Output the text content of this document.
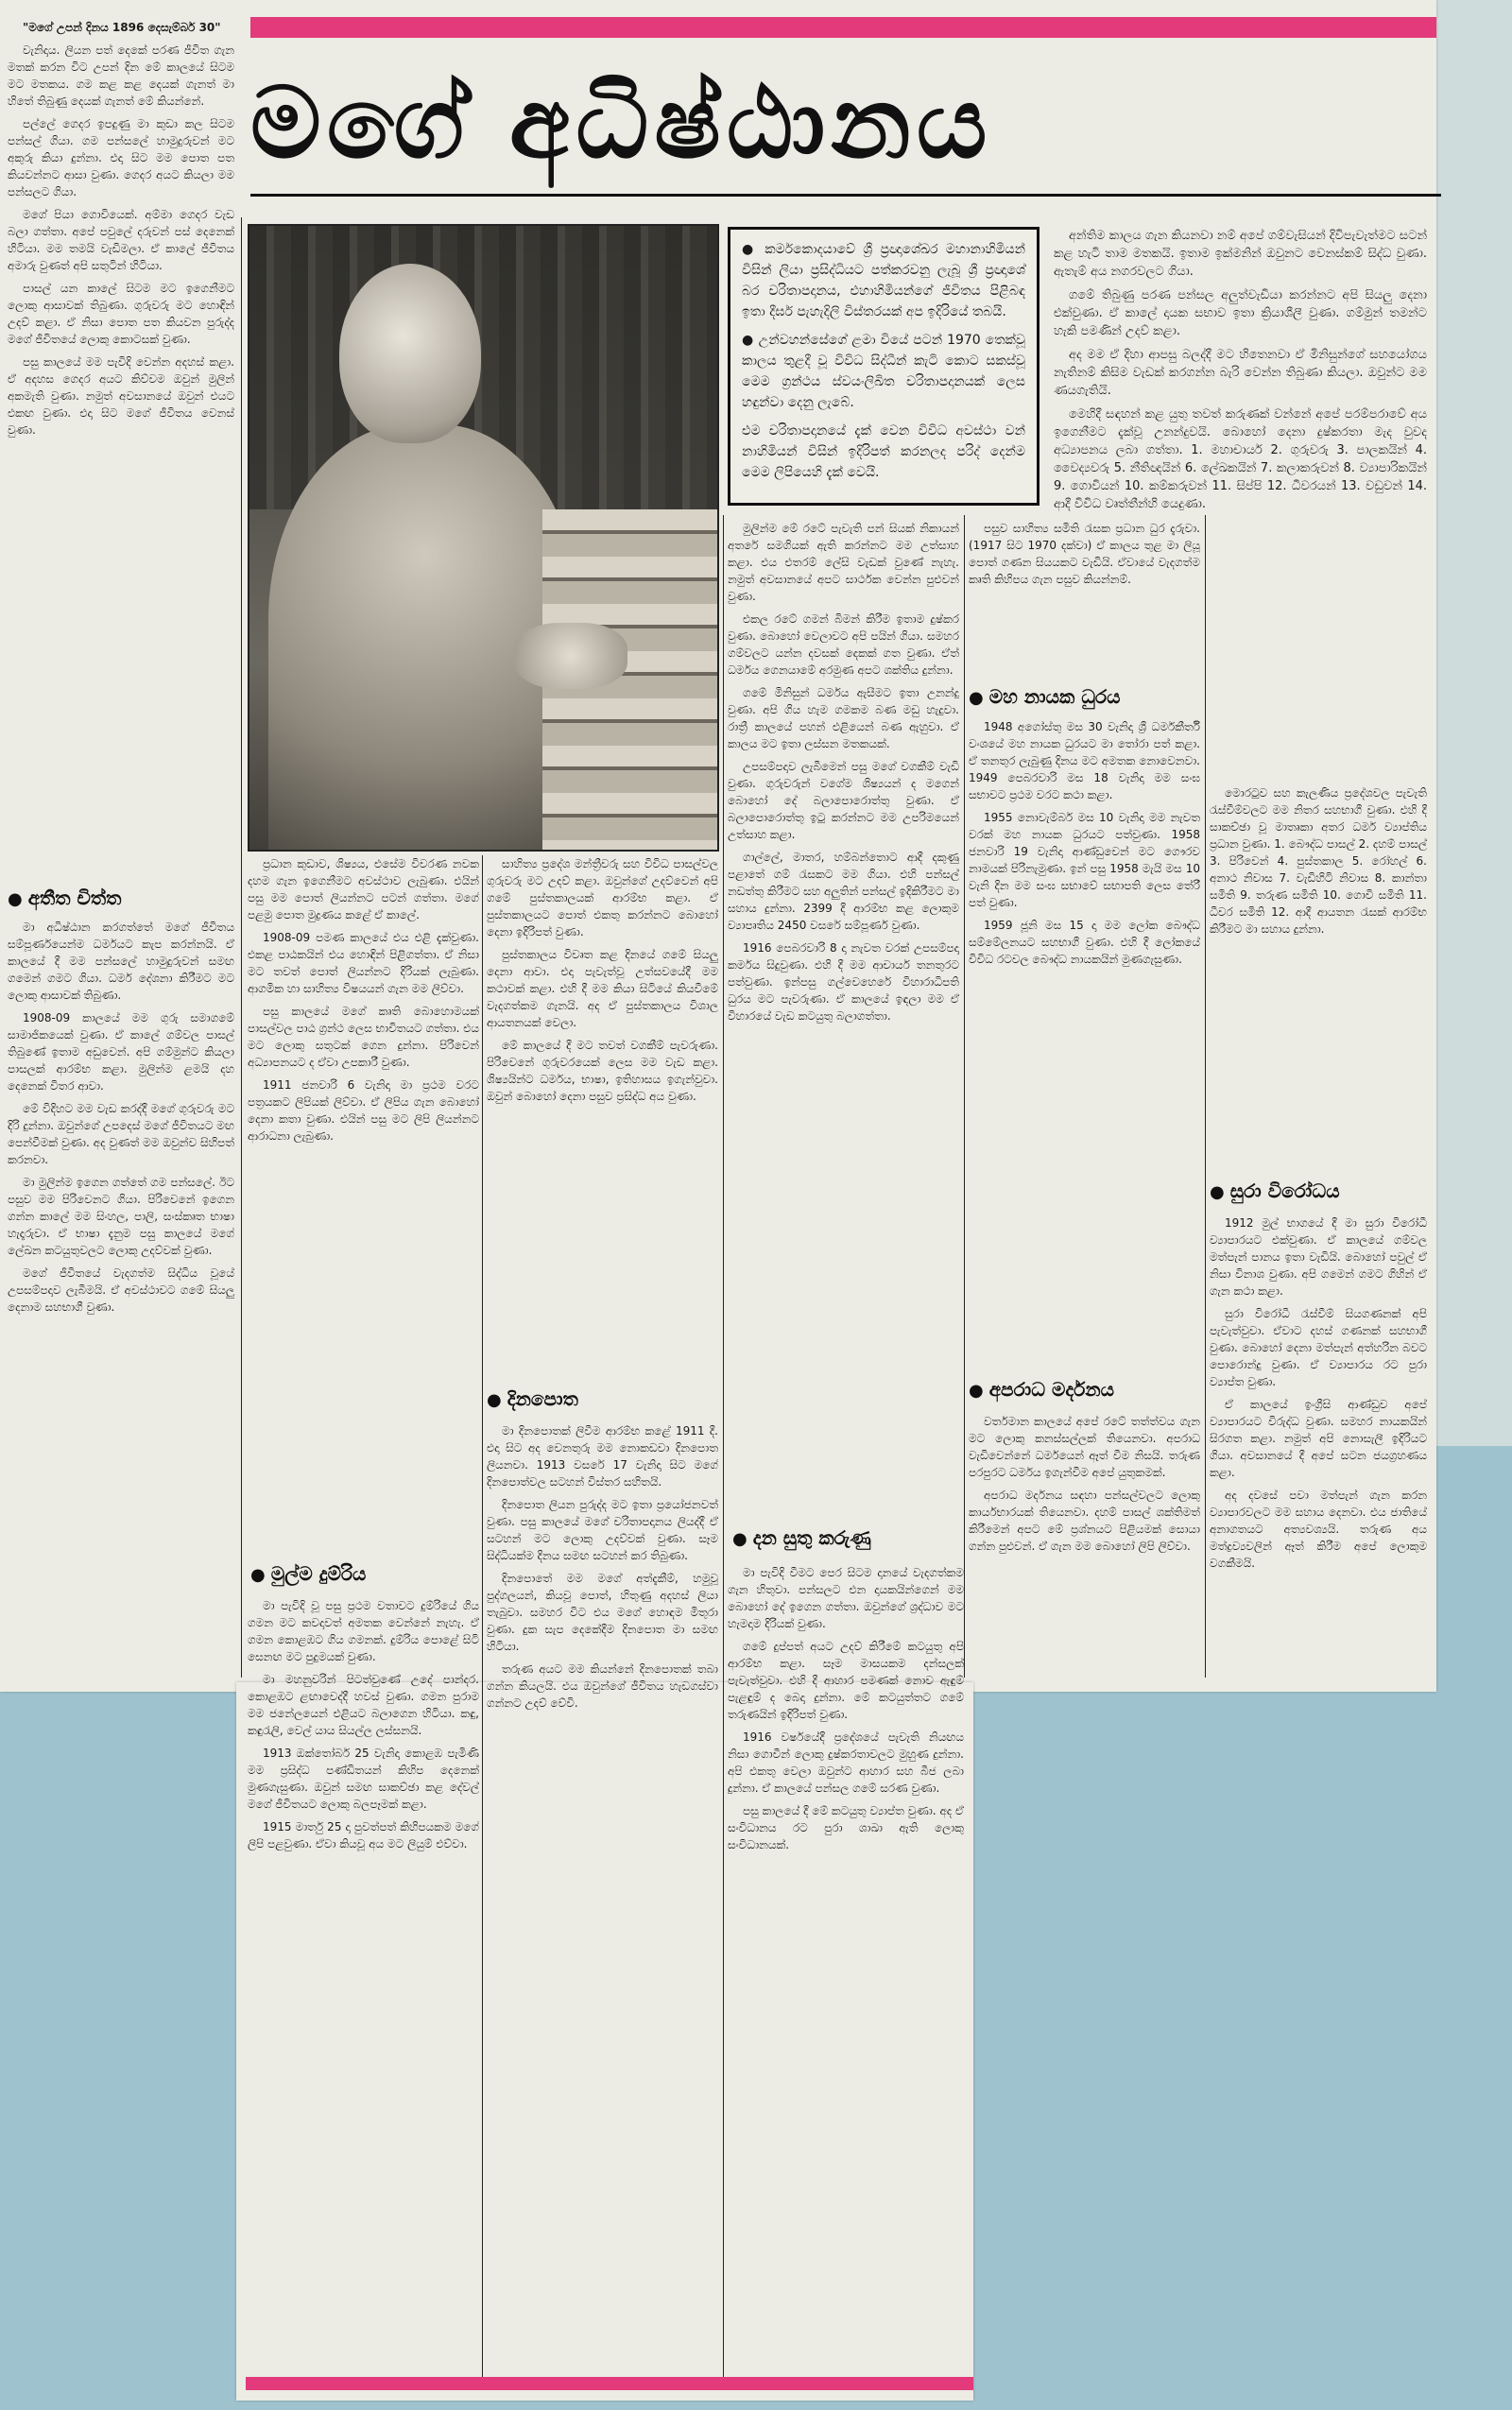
මගේ අධිෂ්ඨානය

"මගේ උපන් දිනය 1896 දෙසැම්බර් 30"

වැනිදාය. ලියන පත් දෙකේ පරණ ජීවිත ගැන මතක් කරන විට උපන් දින මේ කාලයේ සිටම මට මතකය. ගම කළ කළ දෙයක් ගැනත් මා හිතේ තිබුණු දෙයක් ගැනත් මේ කියන්නේ.

පල්ලේ ගෙදර ඉපදුණු මා කුඩා කල සිටම පන්සල් ගියා. ගම පන්සලේ හාමුදුරුවන් මට අකුරු කියා දුන්නා. එදා සිට මම පොත පත කියවන්නට ආසා වුණා. ගෙදර අයට කියලා මම පන්සලට ගියා.

මගේ පියා ගොවියෙක්. අම්මා ගෙදර වැඩ බලා ගත්තා. අපේ පවුලේ දරුවන් පස් දෙනෙක් හිටියා. මම තමයි වැඩිමලා. ඒ කාලේ ජීවිතය අමාරු වුණත් අපි සතුටින් හිටියා.

පාසල් යන කාලේ සිටම මට ඉගෙනීමට ලොකු ආසාවක් තිබුණා. ගුරුවරු මට හොඳින් උදව් කළා. ඒ නිසා පොත පත කියවන පුරුද්ද මගේ ජීවිතයේ ලොකු කොටසක් වුණා.

පසු කාලයේ මම පැවිදි වෙන්න අදහස් කළා. ඒ අදහස ගෙදර අයට කිව්වම ඔවුන් මුලින් අකමැති වුණා. නමුත් අවසානයේ ඔවුන් එයට එකඟ වුණා. එදා සිට මගේ ජීවිතය වෙනස් වුණා.

● කර්මකොදයාවේ ශ්‍රී ප්‍රඥාශේඛර මහානාහිමියන් විසින් ලියා ප්‍රසිද්ධියට පත්කරවනු ලැබූ ශ්‍රී ප්‍රඥාශේ බර චරිතාපදානය, එහාහිමියන්ගේ ජීවිතය පිළිබඳ ඉතා දීර්ඝ පැහැදිලි විස්තරයක් අප ඉදිරියේ තබයි.

● උන්වහන්සේගේ ළමා වියේ පටන් 1970 තෙක්වූ කාලය තුළදී වූ විවිධ සිද්ධීන් කැටි කොට සකස්වූ මෙම ග්‍රන්ථය ස්වයංලිඛිත චරිතාපදානයක් ලෙස හඳුන්වා දෙනු ලැබේ.

එම චරිතාපදානයේ දැක් වෙන විවිධ අවස්ථා වන් නාහිමියන් විසින් ඉදිරිපත් කරනලද පරිද් දෙන්ම මෙම ලිපියෙහි දැක් වෙයි.

අන්තිම කාලය ගැන කියනවා නම් අපේ ගම්වැසියන් දිවිපැවැත්මට සටන් කළ හැටි තාම මතකයි. ඉතාම ඉක්මනින් ඔවුනට වෙනස්කම් සිද්ධ වුණා. ඇතැම් අය නගරවලට ගියා.

ගමේ තිබුණු පරණ පන්සල අලුත්වැඩියා කරන්නට අපි සියලු දෙනා එක්වුණා. ඒ කාලේ දායක සභාව ඉතා ක්‍රියාශීලී වුණා. ගම්මුන් තමන්ට හැකි පමණින් උදව් කළා.

අද මම ඒ දිහා ආපසු බලද්දී මට හිතෙනවා ඒ මිනිසුන්ගේ සහයෝගය නැතිනම් කිසිම වැඩක් කරගන්න බැරි වෙන්න තිබුණා කියලා. ඔවුන්ට මම ණයගැතියි.

මෙහිදී සඳහන් කළ යුතු තවත් කරුණක් වන්නේ අපේ පරම්පරාවේ අය ඉගෙනීමට දැක්වූ උනන්දුවයි. බොහෝ දෙනා දුෂ්කරතා මැද වුවද අධ්‍යාපනය ලබා ගත්තා. 1. මහාචාර්ය 2. ගුරුවරු 3. පාලකයින් 4. වෛද්‍යවරු 5. නීතිඥයින් 6. ලේඛකයින් 7. කලාකරුවන් 8. ව්‍යාපාරිකයින් 9. ගොවියන් 10. කම්කරුවන් 11. සිප්පි 12. ධීවරයන් 13. වඩුවන් 14. ආදී විවිධ වෘත්තීන්හි යෙදුණා.

● අතීත චිත්ත

මා අධිෂ්ඨාන කරගත්තේ මගේ ජීවිතය සම්පූර්ණයෙන්ම ධර්මයට කැප කරන්නයි. ඒ කාලයේ දී මම පන්සලේ හාමුදුරුවන් සමඟ ගමෙන් ගමට ගියා. ධර්ම දේශනා කිරීමට මට ලොකු ආසාවක් තිබුණා.

1908-09 කාලයේ මම ගුරු සමාගමේ සාමාජිකයෙක් වුණා. ඒ කාලේ ගම්වල පාසල් තිබුණේ ඉතාම අඩුවෙන්. අපි ගම්මුන්ට කියලා පාසලක් ආරම්භ කළා. මුලින්ම ළමයි දහ දෙනෙක් විතර ආවා.

මේ විදිහට මම වැඩ කරද්දී මගේ ගුරුවරු මට දිරි දුන්නා. ඔවුන්ගේ උපදෙස් මගේ ජීවිතයට මඟ පෙන්වීමක් වුණා. අද වුණත් මම ඔවුන්ව සිහිපත් කරනවා.

මා මුලින්ම ඉගෙන ගත්තේ ගම පන්සලේ. ඊට පසුව මම පිරිවෙනට ගියා. පිරිවෙනේ ඉගෙන ගන්න කාලේ මම සිංහල, පාලි, සංස්කෘත භාෂා හැදෑරුවා. ඒ භාෂා දැනුම පසු කාලයේ මගේ ලේඛන කටයුතුවලට ලොකු උදව්වක් වුණා.

මගේ ජීවිතයේ වැදගත්ම සිද්ධිය වූයේ උපසම්පදාව ලැබීමයි. ඒ අවස්ථාවට ගමේ සියලු දෙනාම සහභාගී වුණා.

ප්‍රධාන කුඩාව, ශිෂ්‍යය, එසේම විවරණ නවක දහම ගැන ඉගෙනීමට අවස්ථාව ලැබුණා. එයින් පසු මම පොත් ලියන්නට පටන් ගත්තා. මගේ පළමු පොත මුද්‍රණය කළේ ඒ කාලේ.

1908-09 පමණ කාලයේ එය එළි දැක්වුණා. එකළ පාඨකයින් එය හොඳින් පිළිගත්තා. ඒ නිසා මට තවත් පොත් ලියන්නට දිරියක් ලැබුණා. ආගමික හා සාහිත්‍ය විෂයයන් ගැන මම ලිව්වා.

පසු කාලයේ මගේ කෘති බොහොමයක් පාසල්වල පාඨ ග්‍රන්ථ ලෙස භාවිතයට ගත්තා. එය මට ලොකු සතුටක් ගෙන දුන්නා. පිරිවෙන් අධ්‍යාපනයට ද ඒවා උපකාරී වුණා.

1911 ජනවාරි 6 වැනිදා මා ප්‍රථම වරට පත්‍රයකට ලිපියක් ලිව්වා. ඒ ලිපිය ගැන බොහෝ දෙනා කතා වුණා. එයින් පසු මට ලිපි ලියන්නට ආරාධනා ලැබුණා.

● මුල්ම දුම්රිය

මා පැවිදි වූ පසු ප්‍රථම වතාවට දුම්රියේ ගිය ගමන මට කවදාවත් අමතක වෙන්නේ නැහැ. ඒ ගමන කොළඹට ගිය ගමනක්. දුම්රිය පොළේ සිටි සෙනඟ මට පුදුමයක් වුණා.

මා මහනුවරින් පිටත්වුණේ උදේ පාන්දර. කොළඹට ළඟාවෙද්දී හවස් වුණා. ගමන පුරාම මම ජනේලයෙන් එළියට බලාගෙන හිටියා. කඳු, කඳුරැලි, වෙල් යාය සියල්ල ලස්සනයි.

1913 ඔක්තෝබර් 25 වැනිදා කොළඹ පැමිණි මම ප්‍රසිද්ධ පණ්ඩිතයන් කිහිප දෙනෙක් මුණගැසුණා. ඔවුන් සමඟ සාකච්ඡා කළ දේවල් මගේ ජීවිතයට ලොකු බලපෑමක් කළා.

1915 මාර්තු 25 දා පුවත්පත් කිහිපයකම මගේ ලිපි පළවුණා. ඒවා කියවූ අය මට ලියුම් එව්වා.

සාහිත්‍ය ප්‍රදේශ මන්ත්‍රීවරු සහ විවිධ පාසල්වල ගුරුවරු මට උදව් කළා. ඔවුන්ගේ උදව්වෙන් අපි ගමේ පුස්තකාලයක් ආරම්භ කළා. ඒ පුස්තකාලයට පොත් එකතු කරන්නට බොහෝ දෙනා ඉදිරිපත් වුණා.

පුස්තකාලය විවෘත කළ දිනයේ ගමේ සියලු දෙනා ආවා. එදා පැවැත්වූ උත්සවයේදී මම කථාවක් කළා. එහි දී මම කියා සිටියේ කියවීමේ වැදගත්කම ගැනයි. අද ඒ පුස්තකාලය විශාල ආයතනයක් වෙලා.

මේ කාලයේ දී මට තවත් වගකීම් පැවරුණා. පිරිවෙනේ ගුරුවරයෙක් ලෙස මම වැඩ කළා. ශිෂ්‍යයින්ට ධර්මය, භාෂා, ඉතිහාසය ඉගැන්වුවා. ඔවුන් බොහෝ දෙනා පසුව ප්‍රසිද්ධ අය වුණා.

● දිනපොත

මා දිනපොතක් ලිවීම ආරම්භ කළේ 1911 දී. එදා සිට අද වෙනතුරු මම නොකඩවා දිනපොත ලියනවා. 1913 වසරේ 17 වැනිදා සිට මගේ දිනපොත්වල සටහන් විස්තර සහිතයි.

දිනපොත ලියන පුරුද්ද මට ඉතා ප්‍රයෝජනවත් වුණා. පසු කාලයේ මගේ චරිතාපදානය ලියද්දී ඒ සටහන් මට ලොකු උදව්වක් වුණා. සෑම සිද්ධියක්ම දිනය සමඟ සටහන් කර තිබුණා.

දිනපොතේ මම මගේ අත්දැකීම්, හමුවූ පුද්ගලයන්, කියවූ පොත්, හිතුණු අදහස් ලියා තැබුවා. සමහර විට එය මගේ හොඳම මිතුරා වුණා. දුක සැප දෙකේදීම දිනපොත මා සමඟ හිටියා.

තරුණ අයට මම කියන්නේ දිනපොතක් තබා ගන්න කියලයි. එය ඔවුන්ගේ ජීවිතය හැඩගස්වා ගන්නට උදව් වේවි.

මුලින්ම මේ රටේ පැවැති පන් සියක් නිකායන් අතරේ සමගියක් ඇති කරන්නට මම උත්සාහ කළා. එය එතරම් ලේසි වැඩක් වුණේ නැහැ. නමුත් අවසානයේ අපට සාර්ථක වෙන්න පුළුවන් වුණා.

එකල රටේ ගමන් බිමන් කිරීම ඉතාම දුෂ්කර වුණා. බොහෝ වෙලාවට අපි පයින් ගියා. සමහර ගම්වලට යන්න දවසක් දෙකක් ගත වුණා. ඒත් ධර්මය ගෙනයාමේ අරමුණ අපට ශක්තිය දුන්නා.

ගමේ මිනිසුන් ධර්මය ඇසීමට ඉතා උනන්දු වුණා. අපි ගිය හැම ගමකම බණ මඩු හැදුවා. රාත්‍රී කාලයේ පහන් එළියෙන් බණ ඇහුවා. ඒ කාලය මට ඉතා ලස්සන මතකයක්.

උපසම්පදාව ලැබීමෙන් පසු මගේ වගකීම් වැඩි වුණා. ගුරුවරුන් වගේම ශිෂ්‍යයන් ද මගෙන් බොහෝ දේ බලාපොරොත්තු වුණා. ඒ බලාපොරොත්තු ඉටු කරන්නට මම උපරිමයෙන් උත්සාහ කළා.

ගාල්ලේ, මාතර, හම්බන්තොට ආදී දකුණු පළාතේ ගම් රැසකට මම ගියා. එහි පන්සල් නඩත්තු කිරීමට සහ අලුතින් පන්සල් ඉදිකිරීමට මා සහාය දුන්නා. 2399 දී ආරම්භ කළ ලොකුම ව්‍යාපෘතිය 2450 වසරේ සම්පූර්ණ වුණා.

1916 පෙබරවාරි 8 දා නැවත වරක් උපසම්පදා කර්මය සිදුවුණා. එහි දී මම ආචාර්ය තනතුරට පත්වුණා. ඉන්පසු ගල්වෙහෙරේ විහාරාධිපති ධුරය මට පැවරුණා. ඒ කාලයේ ඉඳලා මම ඒ විහාරයේ වැඩ කටයුතු බලාගත්තා.

● දන සුතු කරුණු

මා පැවිදි වීමට පෙර සිටම දානයේ වැදගත්කම ගැන හිතුවා. පන්සලට එන දායකයින්ගෙන් මම බොහෝ දේ ඉගෙන ගත්තා. ඔවුන්ගේ ශ්‍රද්ධාව මට හැමදාම දිරියක් වුණා.

ගමේ දුප්පත් අයට උදව් කිරීමේ කටයුතු අපි ආරම්භ කළා. සෑම මාසයකම දන්සලක් පැවැත්වුවා. එහි දී ආහාර පමණක් නොව ඇඳුම් පැළඳුම් ද බෙදා දුන්නා. මේ කටයුත්තට ගමේ තරුණයින් ඉදිරිපත් වුණා.

1916 වර්ෂයේදී ප්‍රදේශයේ පැවැති නියඟය නිසා ගොවීන් ලොකු දුෂ්කරතාවලට මුහුණ දුන්නා. අපි එකතු වෙලා ඔවුන්ට ආහාර සහ බීජ ලබා දුන්නා. ඒ කාලයේ පන්සල ගමේ සරණ වුණා.

පසු කාලයේ දී මේ කටයුතු ව්‍යාප්ත වුණා. අද ඒ සංවිධානය රට පුරා ශාඛා ඇති ලොකු සංවිධානයක්.

පසුව සාහිත්‍ය සමිති රැසක ප්‍රධාන ධුර දැරුවා. (1917 සිට 1970 දක්වා) ඒ කාලය තුළ මා ලියූ පොත් ගණන සියයකට වැඩියි. ඒවායේ වැදගත්ම කෘති කිහිපය ගැන පසුව කියන්නම්.

● මහ නායක ධුරය

1948 අගෝස්තු මස 30 වැනිදා ශ්‍රී ධර්මකීර්ති වංශයේ මහ නායක ධුරයට මා තෝරා පත් කළා. ඒ තනතුර ලැබුණු දිනය මට අමතක නොවෙනවා. 1949 පෙබරවාරි මස 18 වැනිදා මම සංඝ සභාවට ප්‍රථම වරට කථා කළා.

1955 නොවැම්බර් මස 10 වැනිදා මම නැවත වරක් මහ නායක ධුරයට පත්වුණා. 1958 ජනවාරි 19 වැනිදා ආණ්ඩුවෙන් මට ගෞරව නාමයක් පිරිනැමුණා. ඉන් පසු 1958 මැයි මස 10 වැනි දින මම සංඝ සභාවේ සභාපති ලෙස තේරී පත් වුණා.

1959 ජූනි මස 15 දා මම ලෝක බෞද්ධ සම්මේලනයට සහභාගී වුණා. එහි දී ලෝකයේ විවිධ රටවල බෞද්ධ නායකයින් මුණගැසුණා.

● අපරාධ මර්දනය

වර්තමාන කාලයේ අපේ රටේ තත්ත්වය ගැන මට ලොකු කනස්සල්ලක් තියෙනවා. අපරාධ වැඩිවෙන්නේ ධර්මයෙන් ඈත් වීම නිසයි. තරුණ පරපුරට ධර්මය ඉගැන්වීම අපේ යුතුකමක්.

අපරාධ මර්දනය සඳහා පන්සල්වලට ලොකු කාර්යභාරයක් තියෙනවා. දහම් පාසල් ශක්තිමත් කිරීමෙන් අපට මේ ප්‍රශ්නයට පිළියමක් සොයා ගන්න පුළුවන්. ඒ ගැන මම බොහෝ ලිපි ලිව්වා.

මොරටුව සහ කැලණිය ප්‍රදේශවල පැවැති රැස්වීම්වලට මම නිතර සහභාගී වුණා. එහි දී සාකච්ඡා වූ මාතෘකා අතර ධර්ම ව්‍යාප්තිය ප්‍රධාන වුණා. 1. බෞද්ධ පාසල් 2. දහම් පාසල් 3. පිරිවෙන් 4. පුස්තකාල 5. රෝහල් 6. අනාථ නිවාස 7. වැඩිහිටි නිවාස 8. කාන්තා සමිති 9. තරුණ සමිති 10. ගොවි සමිති 11. ධීවර සමිති 12. ආදී ආයතන රැසක් ආරම්භ කිරීමට මා සහාය දුන්නා.

● සුරා විරෝධය

1912 මුල් භාගයේ දී මා සුරා විරෝධී ව්‍යාපාරයට එක්වුණා. ඒ කාලයේ ගම්වල මත්පැන් පානය ඉතා වැඩියි. බොහෝ පවුල් ඒ නිසා විනාශ වුණා. අපි ගමෙන් ගමට ගිහින් ඒ ගැන කථා කළා.

සුරා විරෝධී රැස්වීම් සියගණනක් අපි පැවැත්වුවා. ඒවාට දහස් ගණනක් සහභාගී වුණා. බොහෝ දෙනා මත්පැන් අත්හරින බවට පොරොන්දු වුණා. ඒ ව්‍යාපාරය රට පුරා ව්‍යාප්ත වුණා.

ඒ කාලයේ ඉංග්‍රීසි ආණ්ඩුව අපේ ව්‍යාපාරයට විරුද්ධ වුණා. සමහර නායකයින් සිරගත කළා. නමුත් අපි නොසැලී ඉදිරියට ගියා. අවසානයේ දී අපේ සටන ජයග්‍රහණය කළා.

අද දවසේ පවා මත්පැන් ගැන කරන ව්‍යාපාරවලට මම සහාය දෙනවා. එය ජාතියේ අනාගතයට අත්‍යවශ්‍යයි. තරුණ අය මත්ද්‍රව්‍යවලින් ඈත් කිරීම අපේ ලොකුම වගකීමයි.
